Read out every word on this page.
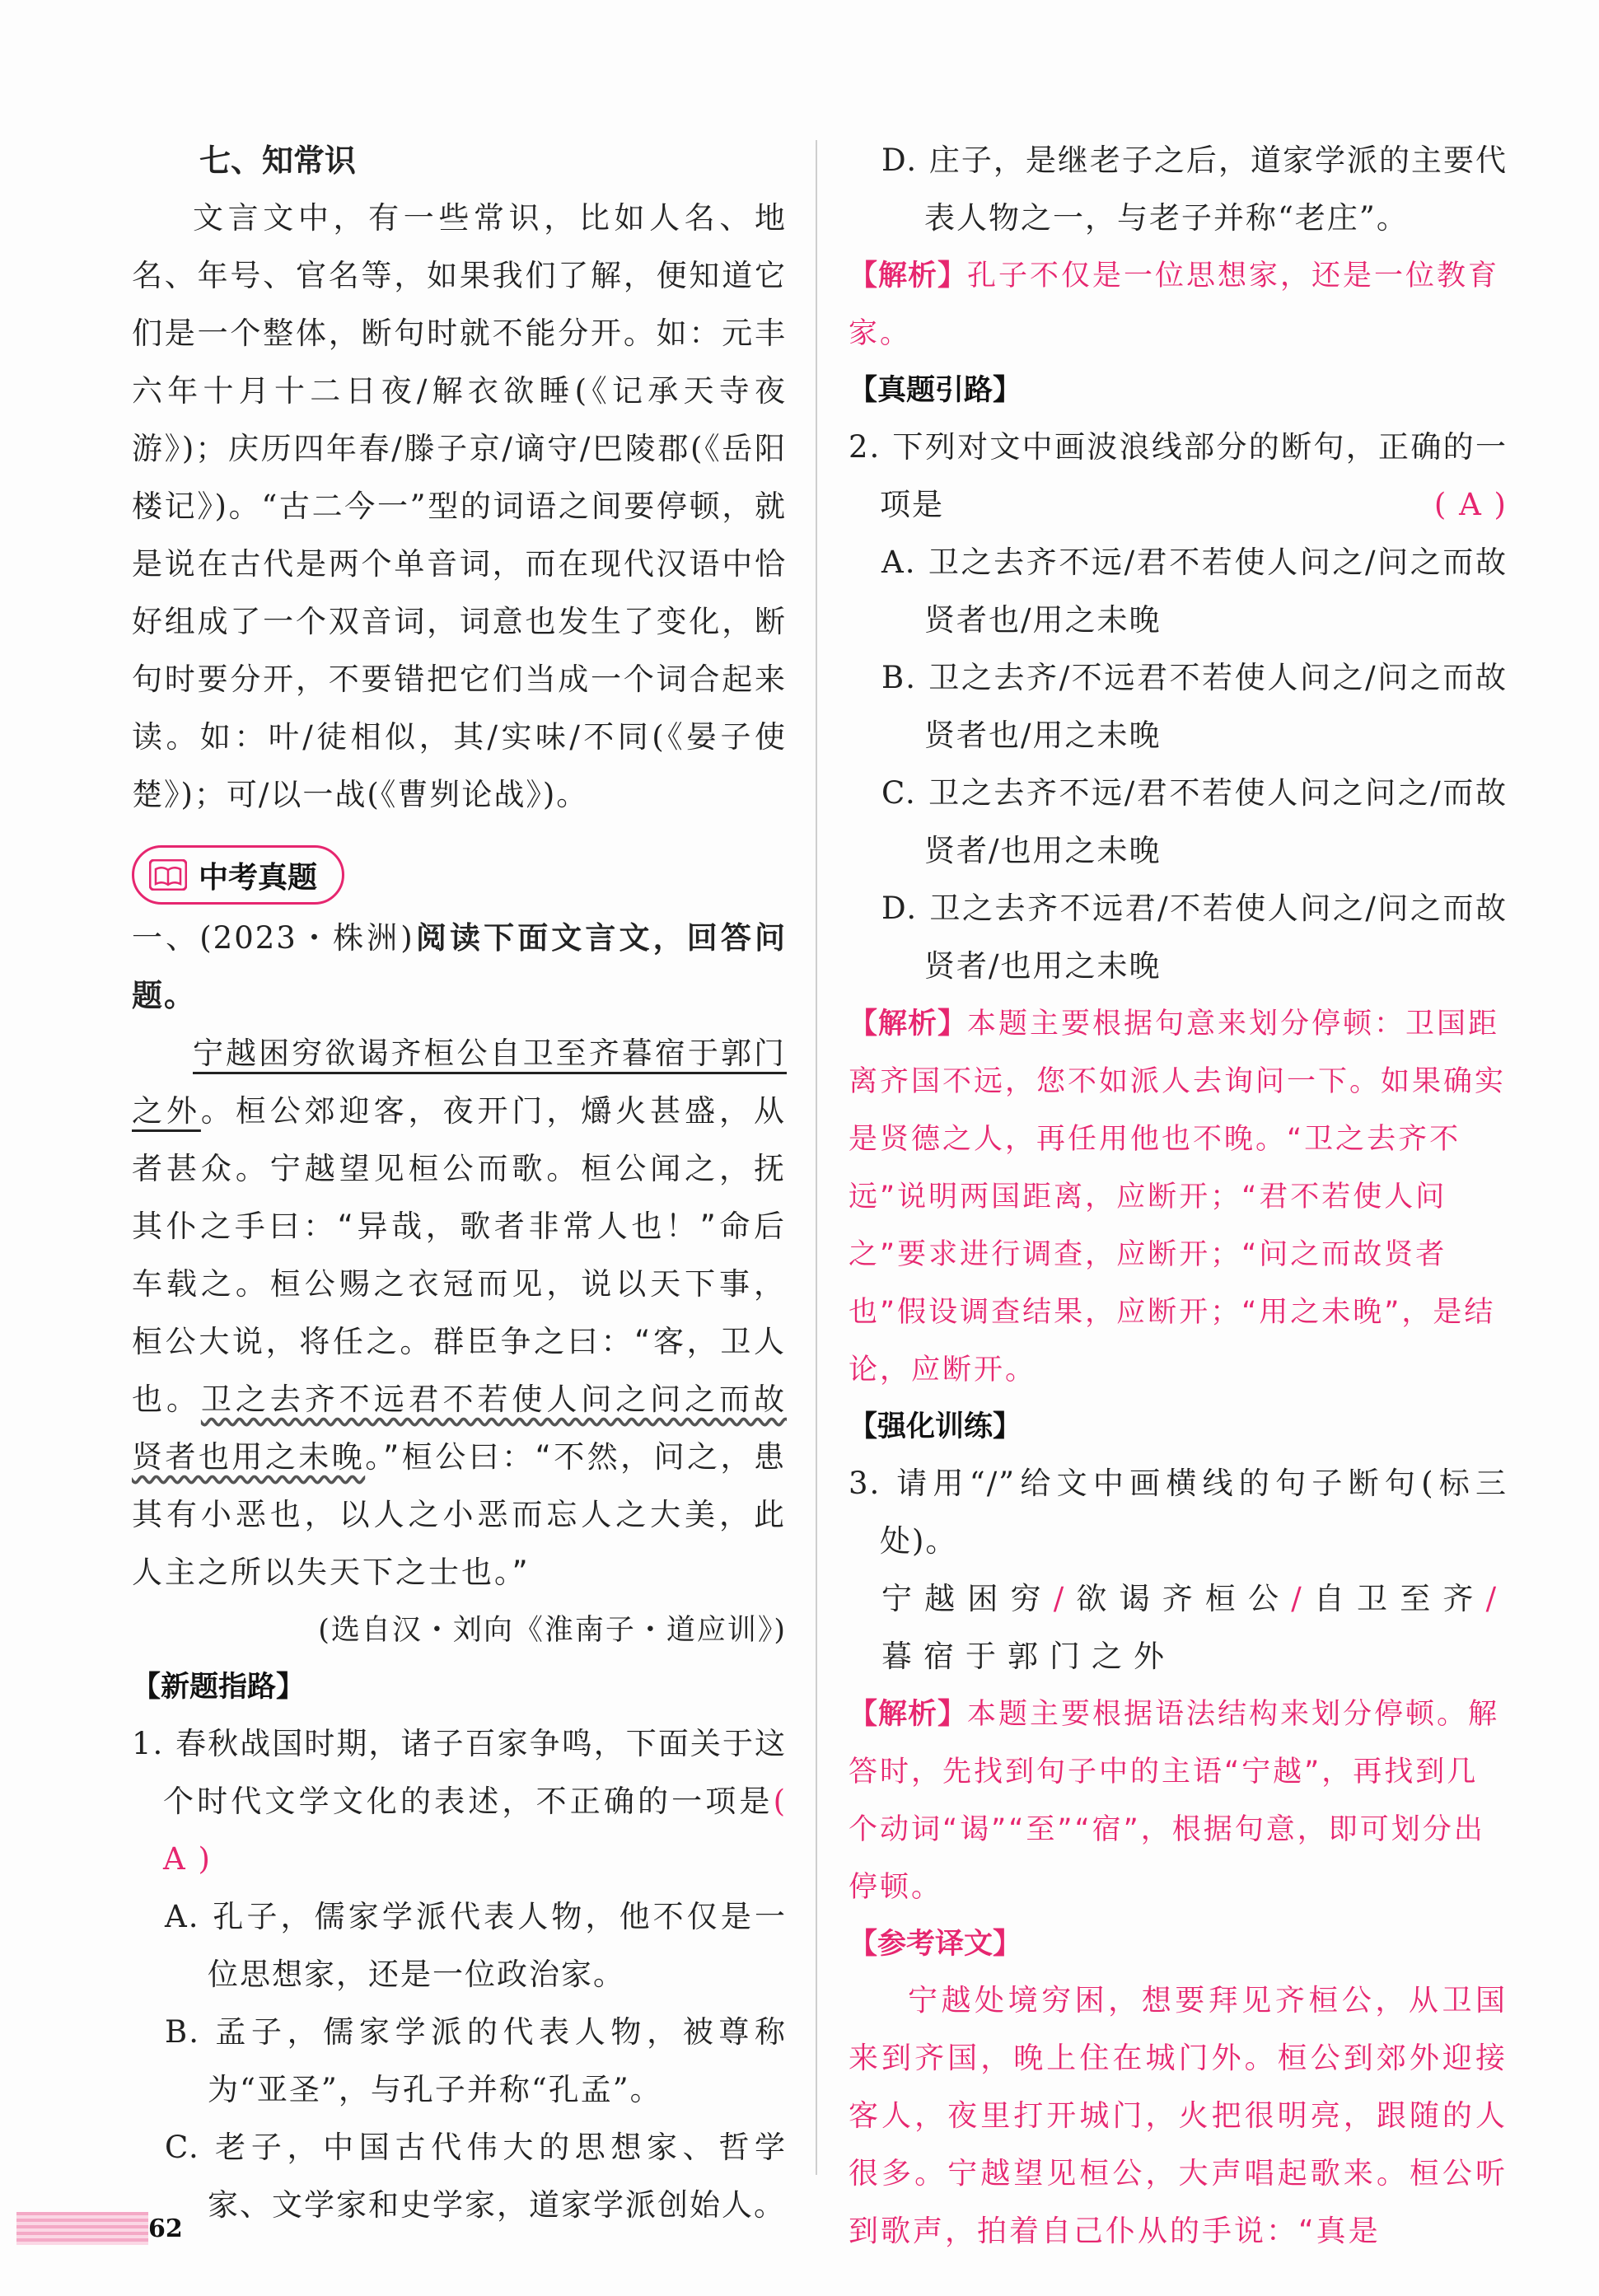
七、知常识

文言文中，有一些常识，比如人名、地名、年号、官名等，如果我们了解，便知道它们是一个整体，断句时就不能分开。如：元丰六年十月十二日夜/解衣欲睡(《记承天寺夜游》)；庆历四年春/滕子京/谪守/巴陵郡(《岳阳楼记》)。“古二今一”型的词语之间要停顿，就是说在古代是两个单音词，而在现代汉语中恰好组成了一个双音词，词意也发生了变化，断句时要分开，不要错把它们当成一个词合起来读。如：叶/徒相似，其/实味/不同(《晏子使楚》)；可/以一战(《曹刿论战》)。

中考真题

一、(2023・株洲)阅读下面文言文，回答问题。

宁越困穷欲谒齐桓公自卫至齐暮宿于郭门之外。桓公郊迎客，夜开门，爝火甚盛，从者甚众。宁越望见桓公而歌。桓公闻之，抚其仆之手曰：“异哉，歌者非常人也！”命后车载之。桓公赐之衣冠而见，说以天下事，桓公大说，将任之。群臣争之曰：“客，卫人也。卫之去齐不远君不若使人问之问之而故贤者也用之未晚。”桓公曰：“不然，问之，患其有小恶也，以人之小恶而忘人之大美，此人主之所以失天下之士也。”

(选自汉・刘向《淮南子・道应训》)

【新题指路】

1. 春秋战国时期，诸子百家争鸣，下面关于这个时代文学文化的表述，不正确的一项是( A )

A. 孔子，儒家学派代表人物，他不仅是一位思想家，还是一位政治家。

B. 孟子，儒家学派的代表人物，被尊称为“亚圣”，与孔子并称“孔孟”。

C. 老子，中国古代伟大的思想家、哲学家、文学家和史学家，道家学派创始人。

D. 庄子，是继老子之后，道家学派的主要代表人物之一，与老子并称“老庄”。

【解析】孔子不仅是一位思想家，还是一位教育家。

【真题引路】

2. 下列对文中画波浪线部分的断句，正确的一项是	( A )

A. 卫之去齐不远/君不若使人问之/问之而故贤者也/用之未晚

B. 卫之去齐/不远君不若使人问之/问之而故贤者也/用之未晚

C. 卫之去齐不远/君不若使人问之问之/而故贤者/也用之未晚

D. 卫之去齐不远君/不若使人问之/问之而故贤者/也用之未晚

【解析】本题主要根据句意来划分停顿：卫国距离齐国不远，您不如派人去询问一下。如果确实是贤德之人，再任用他也不晚。“卫之去齐不远”说明两国距离，应断开；“君不若使人问之”要求进行调查，应断开；“问之而故贤者也”假设调查结果，应断开；“用之未晚”，是结论，应断开。

【强化训练】

3. 请用“/”给文中画横线的句子断句(标三处)。

宁越困穷/欲谒齐桓公/自卫至齐/暮宿于郭门之外

【解析】本题主要根据语法结构来划分停顿。解答时，先找到句子中的主语“宁越”，再找到几个动词“谒”“至”“宿”，根据句意，即可划分出停顿。

【参考译文】

宁越处境穷困，想要拜见齐桓公，从卫国来到齐国，晚上住在城门外。桓公到郊外迎接客人，夜里打开城门，火把很明亮，跟随的人很多。宁越望见桓公，大声唱起歌来。桓公听到歌声，拍着自己仆从的手说：“真是

62
